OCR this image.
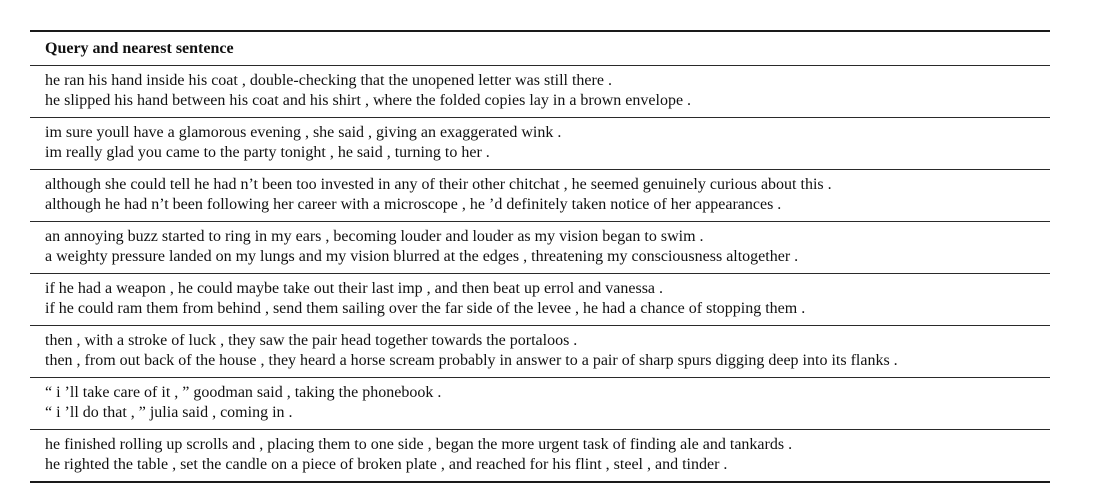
Query and nearest sentence
he ran his hand inside his coat , double-checking that the unopened letter was still there .
he slipped his hand between his coat and his shirt , where the folded copies lay in a brown envelope .
im sure youll have a glamorous evening , she said , giving an exaggerated wink .
im really glad you came to the party tonight , he said , turning to her .
although she could tell he had n’t been too invested in any of their other chitchat , he seemed genuinely curious about this .
although he had n’t been following her career with a microscope , he ’d definitely taken notice of her appearances .
an annoying buzz started to ring in my ears , becoming louder and louder as my vision began to swim .
a weighty pressure landed on my lungs and my vision blurred at the edges , threatening my consciousness altogether .
if he had a weapon , he could maybe take out their last imp , and then beat up errol and vanessa .
if he could ram them from behind , send them sailing over the far side of the levee , he had a chance of stopping them .
then , with a stroke of luck , they saw the pair head together towards the portaloos .
then , from out back of the house , they heard a horse scream probably in answer to a pair of sharp spurs digging deep into its flanks .
“ i ’ll take care of it , ” goodman said , taking the phonebook .
“ i ’ll do that , ” julia said , coming in .
he finished rolling up scrolls and , placing them to one side , began the more urgent task of finding ale and tankards .
he righted the table , set the candle on a piece of broken plate , and reached for his flint , steel , and tinder .
